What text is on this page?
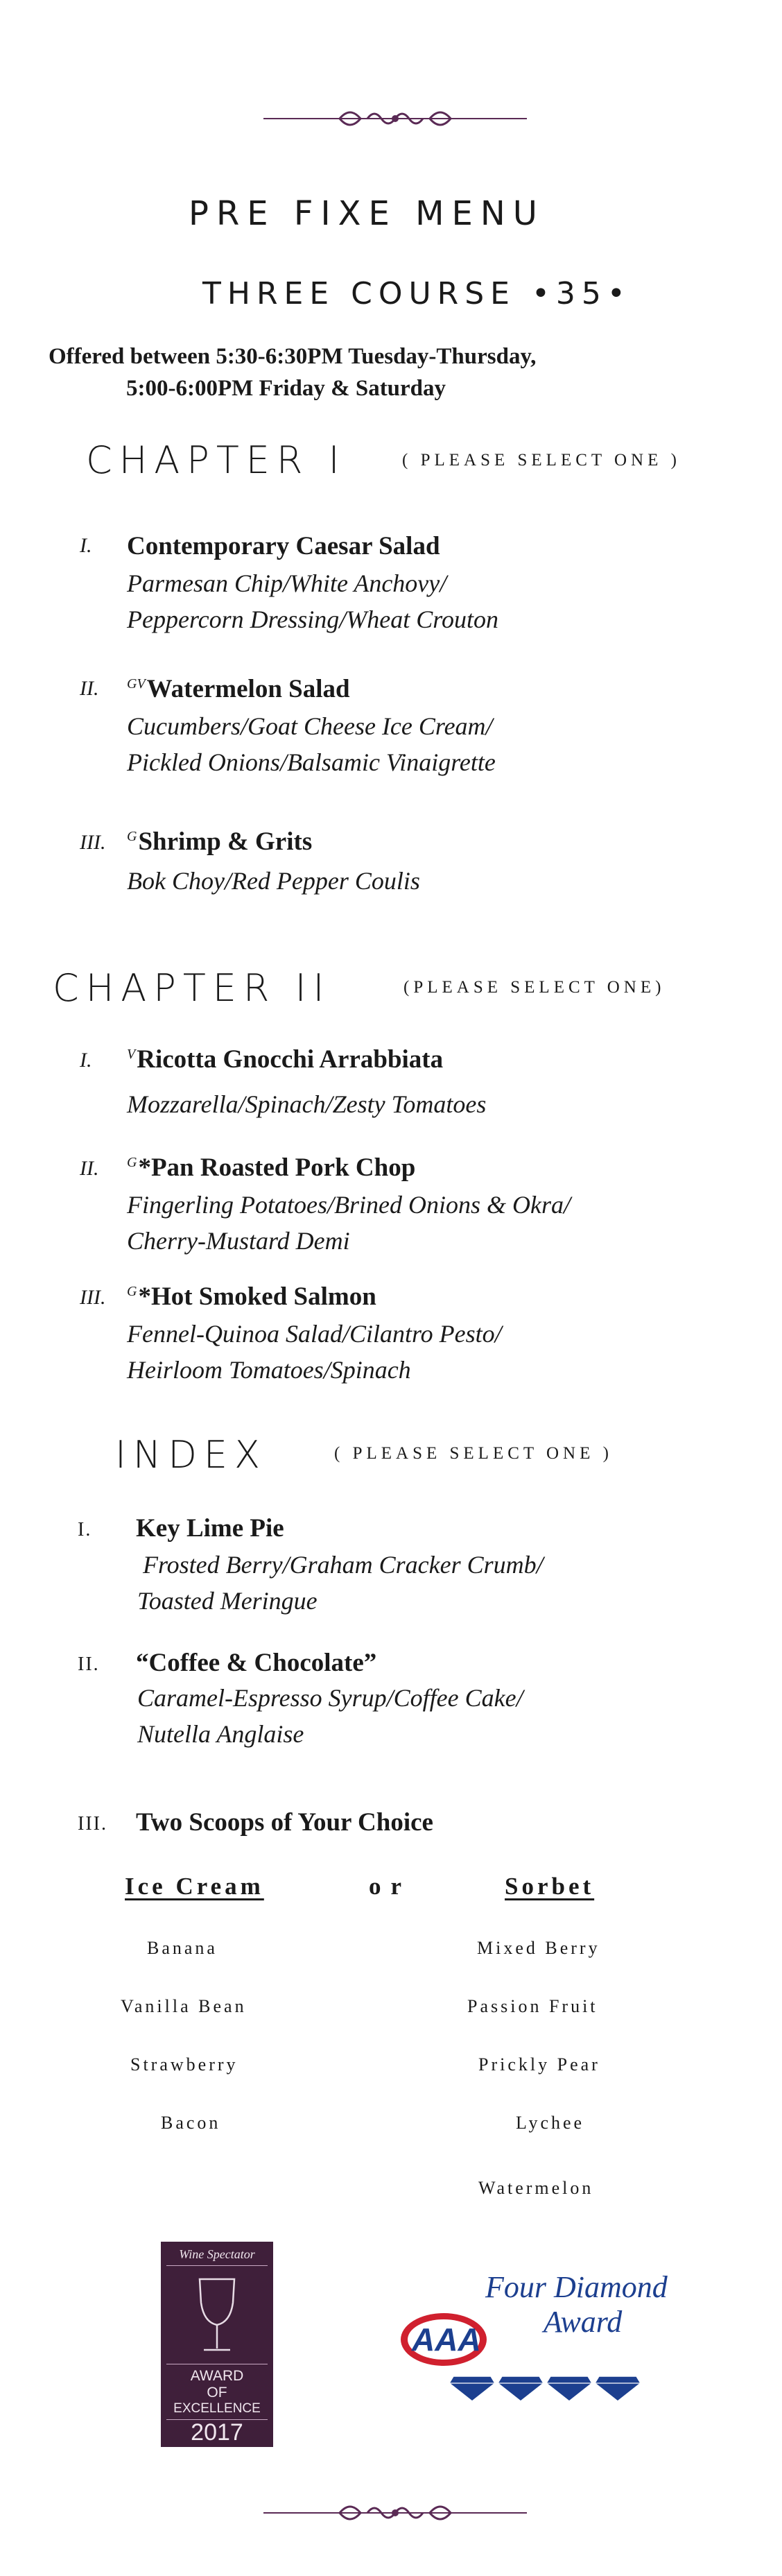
PRE FIXE MENU
THREE COURSE •35•
Offered between 5:30-6:30PM Tuesday-Thursday,
5:00-6:00PM Friday & Saturday
CHAPTER I	( PLEASE SELECT ONE )
I. Contemporary Caesar Salad
Parmesan Chip/White Anchovy/
Peppercorn Dressing/Wheat Crouton
II. $^{GV}$Watermelon Salad
Cucumbers/Goat Cheese Ice Cream/
Pickled Onions/Balsamic Vinaigrette
III. $^G$Shrimp & Grits
Bok Choy/Red Pepper Coulis
CHAPTER II	(PLEASE SELECT ONE)
I.	$^V$Ricotta Gnocchi Arrabbiata
Mozzarella/Spinach/Zesty Tomatoes
II. $^G$*Pan Roasted Pork Chop
Fingerling Potatoes/Brined Onions & Okra/
Cherry-Mustard Demi
III. $^G$*Hot Smoked Salmon
Fennel-Quinoa Salad/Cilantro Pesto/
Heirloom Tomatoes/Spinach
INDEX	( PLEASE SELECT ONE )
I. Key Lime Pie
Frosted Berry/Graham Cracker Crumb/
Toasted Meringue
II. “Coffee & Chocolate”
Caramel-Espresso Syrup/Coffee Cake/
Nutella Anglaise
III. Two Scoops of Your Choice
Ice Cream	or	Sorbet
Banana
Vanilla Bean
Strawberry
Bacon
Mixed Berry
Passion Fruit
Prickly Pear
Lychee
Watermelon
Wine Spectator
AWARD
OF
EXCELLENCE
2017
Four Diamond
Award
AAA
